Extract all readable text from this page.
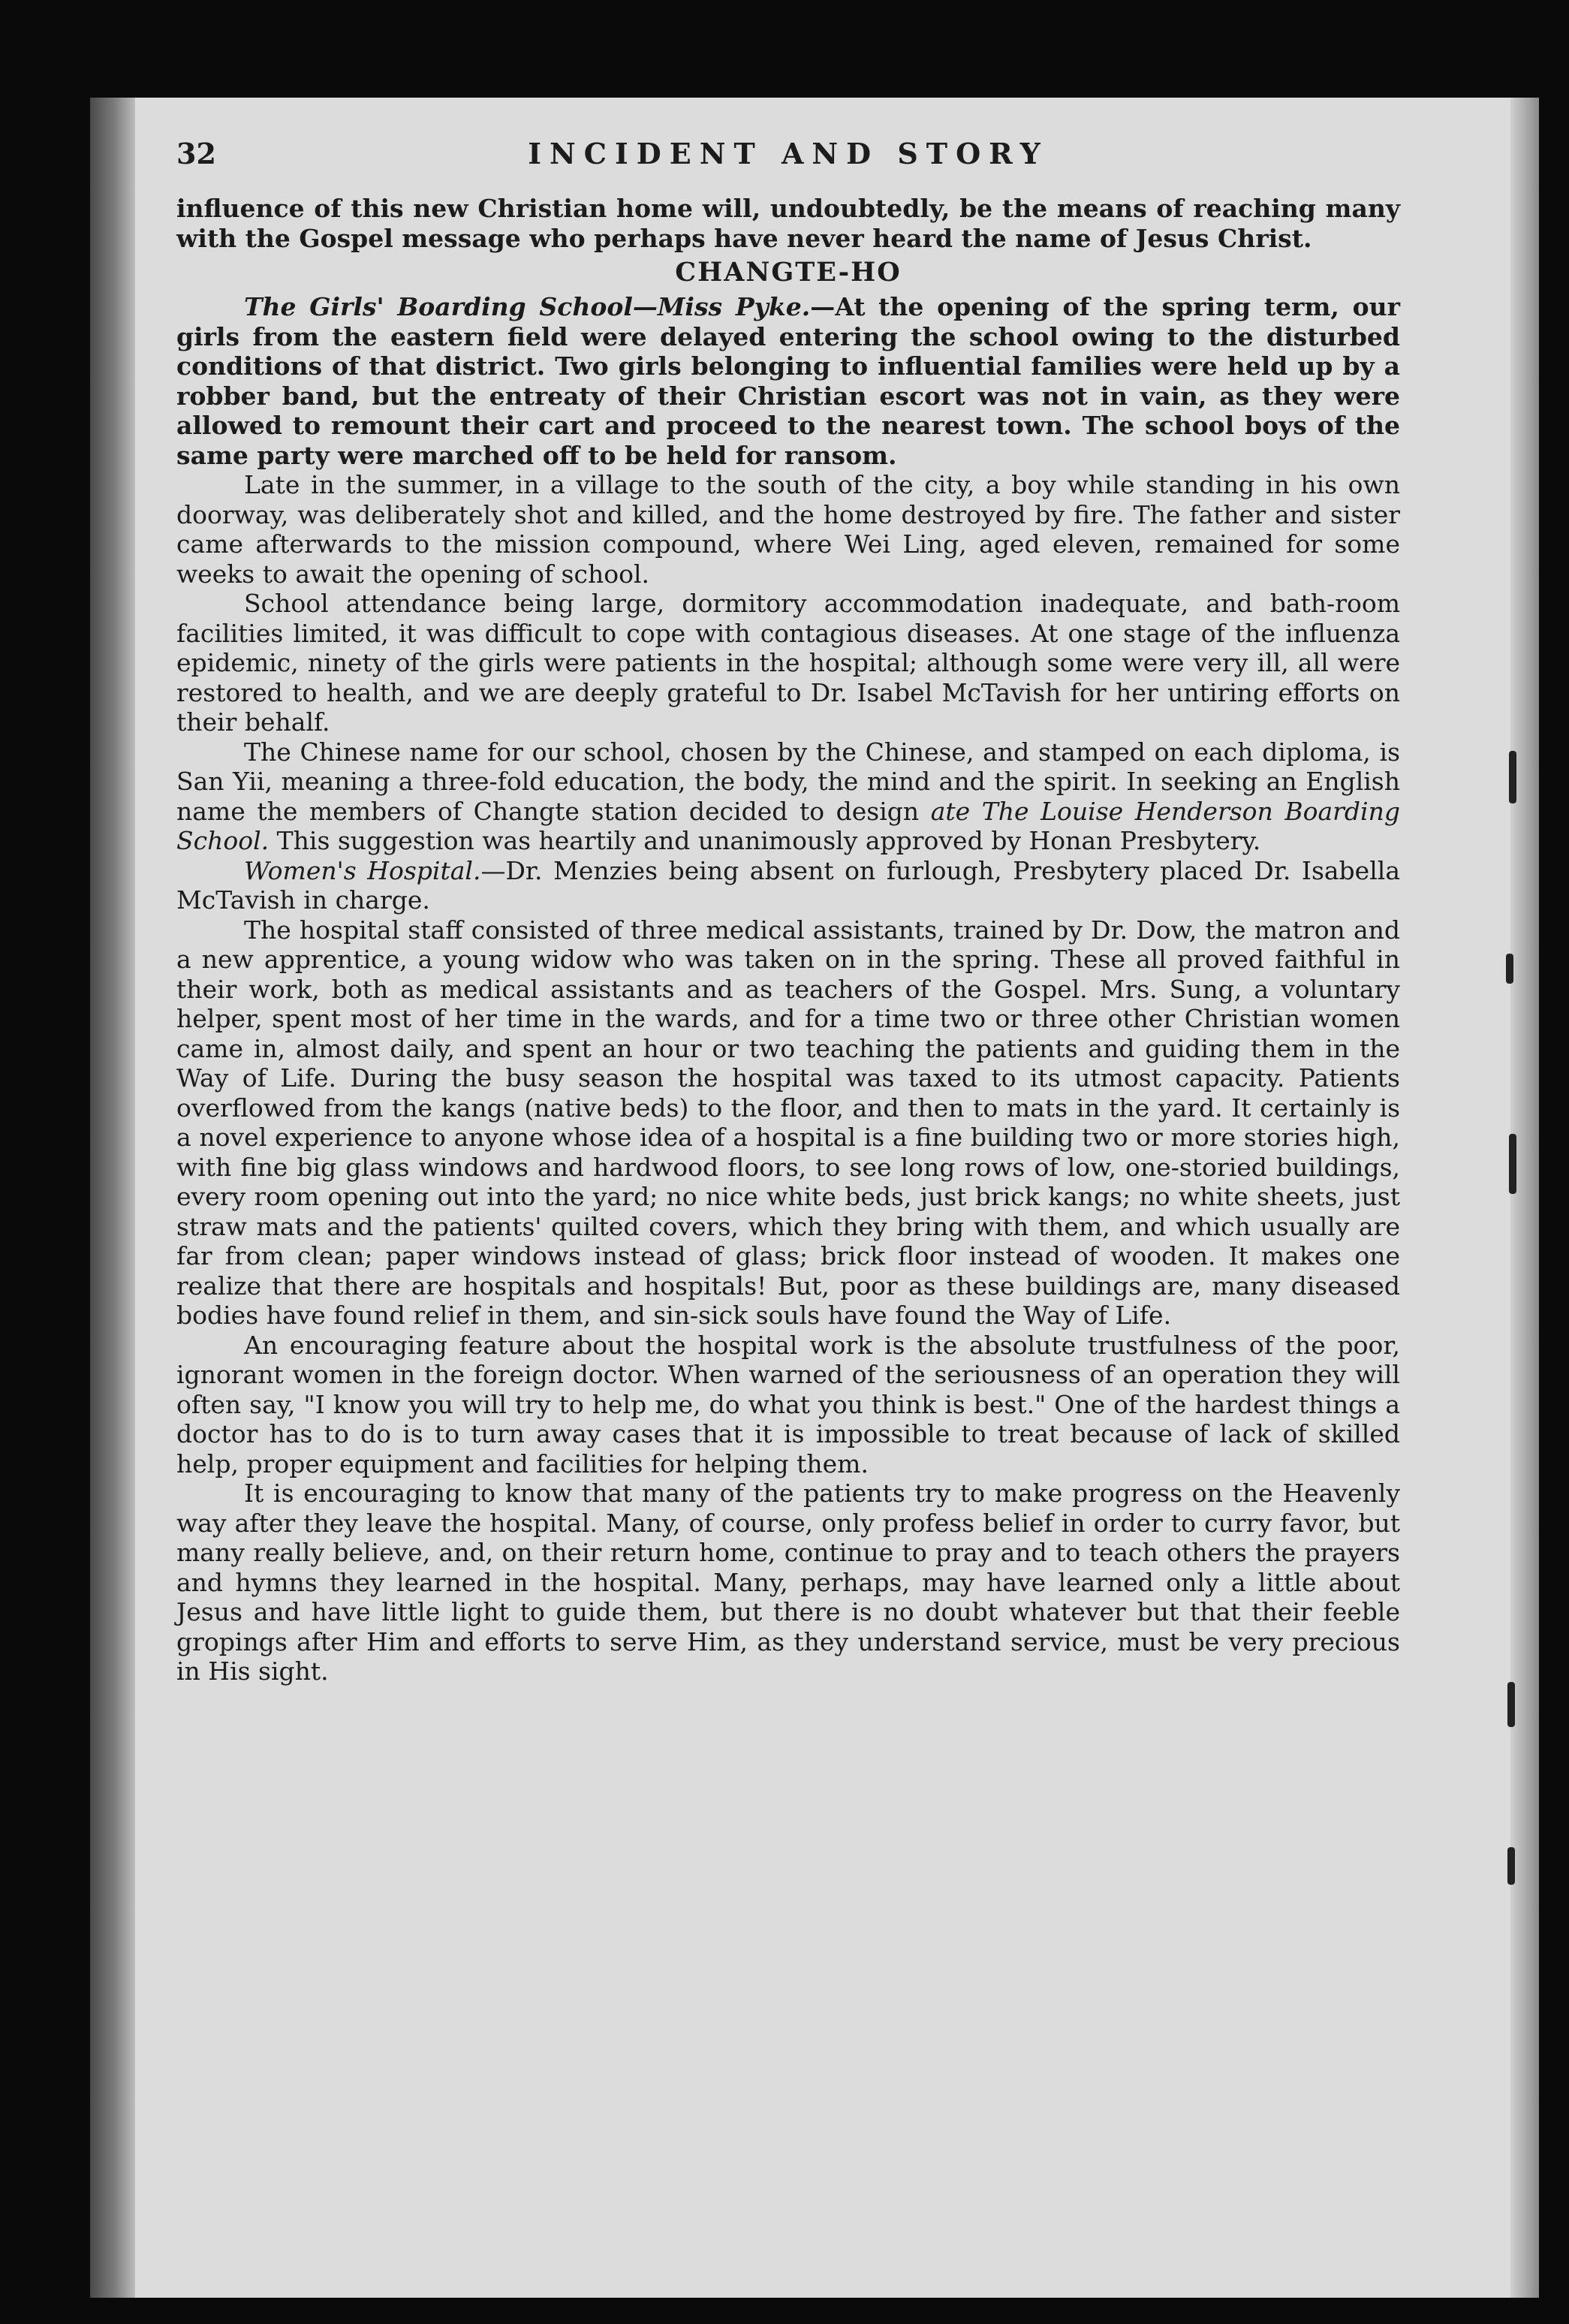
32	INCIDENT AND STORY

influence of this new Christian home will, undoubtedly, be the means of reaching many with the Gospel message who perhaps have never heard the name of Jesus Christ.

CHANGTE-HO

The Girls' Boarding School—Miss Pyke.—At the opening of the spring term, our girls from the eastern field were delayed entering the school owing to the disturbed conditions of that district. Two girls belonging to influential families were held up by a robber band, but the entreaty of their Christian escort was not in vain, as they were allowed to remount their cart and proceed to the nearest town. The school boys of the same party were marched off to be held for ransom.

Late in the summer, in a village to the south of the city, a boy while standing in his own doorway, was deliberately shot and killed, and the home destroyed by fire. The father and sister came afterwards to the mission compound, where Wei Ling, aged eleven, remained for some weeks to await the opening of school.

School attendance being large, dormitory accommodation inadequate, and bath-room facilities limited, it was difficult to cope with contagious diseases. At one stage of the influenza epidemic, ninety of the girls were patients in the hospital; although some were very ill, all were restored to health, and we are deeply grateful to Dr. Isabel McTavish for her untiring efforts on their behalf.

The Chinese name for our school, chosen by the Chinese, and stamped on each diploma, is San Yii, meaning a three-fold education, the body, the mind and the spirit. In seeking an English name the members of Changte station decided to design ate The Louise Henderson Boarding School. This suggestion was heartily and unanimously approved by Honan Presbytery.

Women's Hospital.—Dr. Menzies being absent on furlough, Presbytery placed Dr. Isabella McTavish in charge.

The hospital staff consisted of three medical assistants, trained by Dr. Dow, the matron and a new apprentice, a young widow who was taken on in the spring. These all proved faithful in their work, both as medical assistants and as teachers of the Gospel. Mrs. Sung, a voluntary helper, spent most of her time in the wards, and for a time two or three other Christian women came in, almost daily, and spent an hour or two teaching the patients and guiding them in the Way of Life. During the busy season the hospital was taxed to its utmost capacity. Patients overflowed from the kangs (native beds) to the floor, and then to mats in the yard. It certainly is a novel experience to anyone whose idea of a hospital is a fine building two or more stories high, with fine big glass windows and hardwood floors, to see long rows of low, one-storied buildings, every room opening out into the yard; no nice white beds, just brick kangs; no white sheets, just straw mats and the patients' quilted covers, which they bring with them, and which usually are far from clean; paper windows instead of glass; brick floor instead of wooden. It makes one realize that there are hospitals and hospitals! But, poor as these buildings are, many diseased bodies have found relief in them, and sin-sick souls have found the Way of Life.

An encouraging feature about the hospital work is the absolute trustfulness of the poor, ignorant women in the foreign doctor. When warned of the seriousness of an operation they will often say, "I know you will try to help me, do what you think is best." One of the hardest things a doctor has to do is to turn away cases that it is impossible to treat because of lack of skilled help, proper equipment and facilities for helping them.

It is encouraging to know that many of the patients try to make progress on the Heavenly way after they leave the hospital. Many, of course, only profess belief in order to curry favor, but many really believe, and, on their return home, continue to pray and to teach others the prayers and hymns they learned in the hospital. Many, perhaps, may have learned only a little about Jesus and have little light to guide them, but there is no doubt whatever but that their feeble gropings after Him and efforts to serve Him, as they understand service, must be very precious in His sight.
